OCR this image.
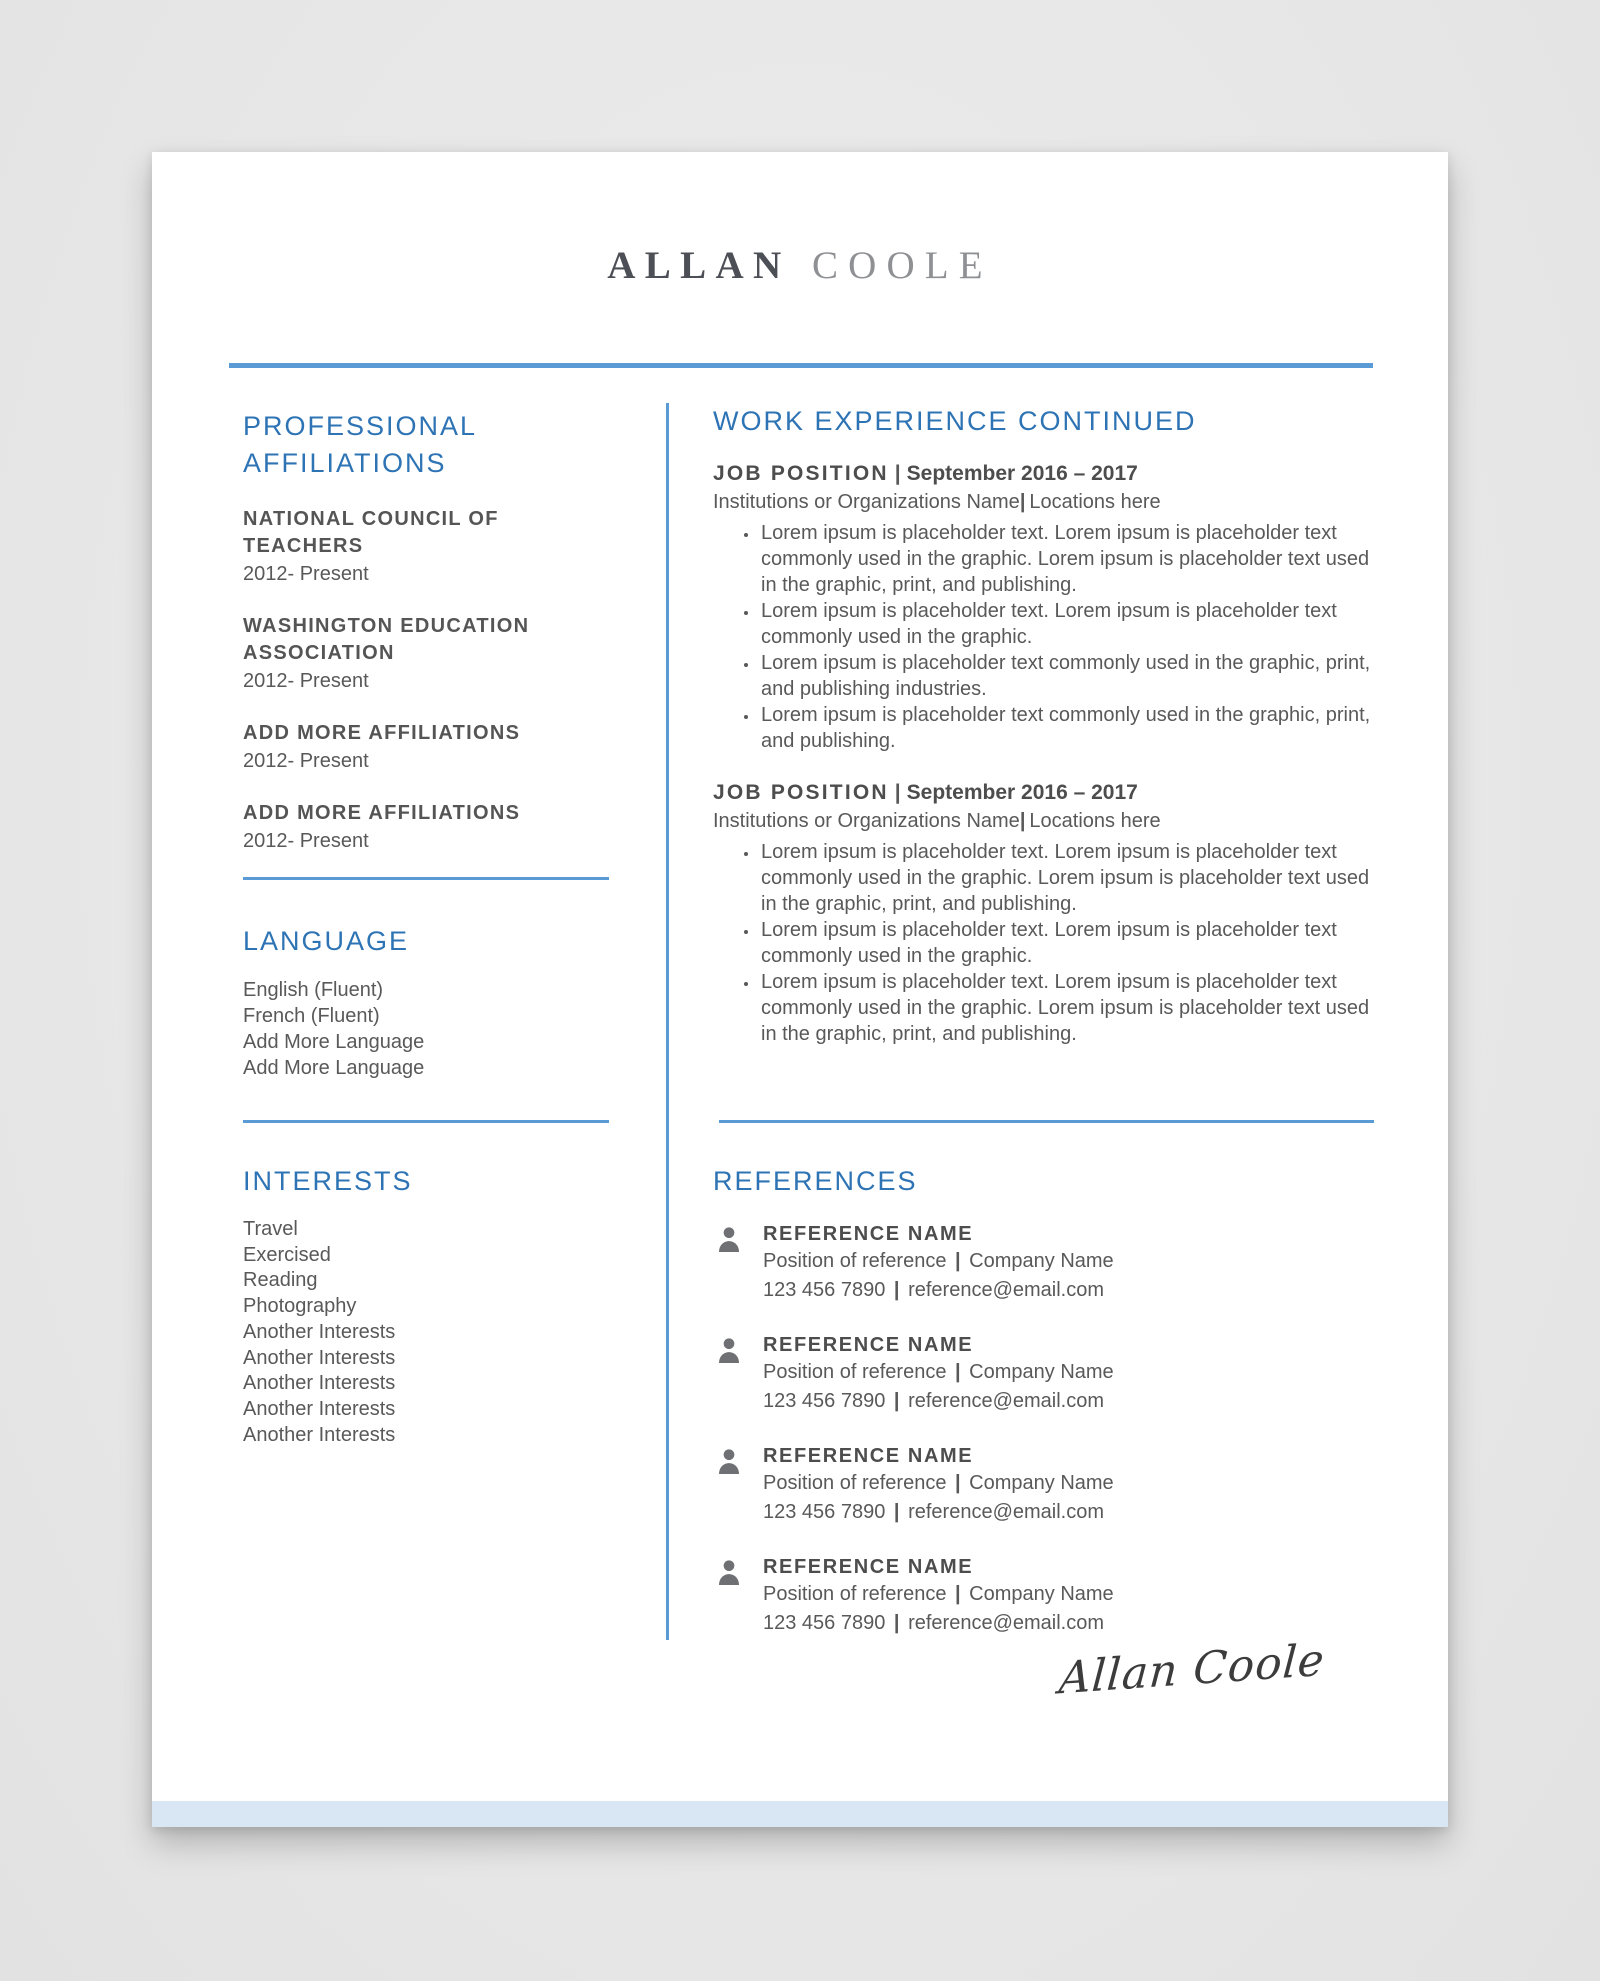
ALLAN COOLE
PROFESSIONAL AFFILIATIONS
NATIONAL COUNCIL OF TEACHERS
2012- Present
WASHINGTON EDUCATION ASSOCIATION
2012- Present
ADD MORE AFFILIATIONS
2012- Present
ADD MORE AFFILIATIONS
2012- Present
LANGUAGE
English (Fluent)
French (Fluent)
Add More Language
Add More Language
INTERESTS
Travel
Exercised
Reading
Photography
Another Interests
Another Interests
Another Interests
Another Interests
Another Interests
WORK EXPERIENCE CONTINUED
JOB POSITION | September 2016 – 2017

Institutions or Organizations Name| Locations here

• Lorem ipsum is placeholder text. Lorem ipsum is placeholder text commonly used in the graphic. Lorem ipsum is placeholder text used in the graphic, print, and publishing.
• Lorem ipsum is placeholder text. Lorem ipsum is placeholder text commonly used in the graphic.
• Lorem ipsum is placeholder text commonly used in the graphic, print, and publishing industries.
• Lorem ipsum is placeholder text commonly used in the graphic, print, and publishing.
JOB POSITION | September 2016 – 2017

Institutions or Organizations Name| Locations here

• Lorem ipsum is placeholder text. Lorem ipsum is placeholder text commonly used in the graphic. Lorem ipsum is placeholder text used in the graphic, print, and publishing.
• Lorem ipsum is placeholder text. Lorem ipsum is placeholder text commonly used in the graphic.
• Lorem ipsum is placeholder text. Lorem ipsum is placeholder text commonly used in the graphic. Lorem ipsum is placeholder text used in the graphic, print, and publishing.
REFERENCES
REFERENCE NAME
Position of reference | Company Name
123 456 7890 | reference@email.com
REFERENCE NAME
Position of reference | Company Name
123 456 7890 | reference@email.com
REFERENCE NAME
Position of reference | Company Name
123 456 7890 | reference@email.com
REFERENCE NAME
Position of reference | Company Name
123 456 7890 | reference@email.com
Allan Coole
